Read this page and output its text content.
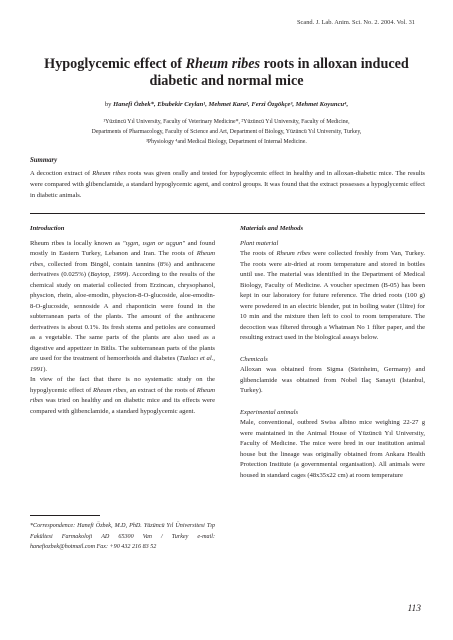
Scand. J. Lab. Anim. Sci. No. 2. 2004. Vol. 31
Hypoglycemic effect of Rheum ribes roots in alloxan induced
diabetic and normal mice
by Hanefi Özbek*, Ebubekir Ceylan¹, Mehmet Kara², Ferzi Özgökçe³, Mehmet Koyuncu⁴,
¹Yüzüncü Yıl University, Faculty of Veterinary Medicine*, ²Yüzüncü Yıl University, Faculty of Medicine,
Departments of Pharmacology, Faculty of Science and Art, Department of Biology, Yüzüncü Yıl University, Turkey,
³Physiology ⁴and Medical Biology, Department of Internal Medicine.
Summary
A decoction extract of Rheum ribes roots was given orally and tested for hypoglycemic effect in healthy and in alloxan-diabetic mice. The results were compared with glibenclamide, a standard hypoglycemic agent, and control groups. It was found that the extract possesses a hypoglycemic effect in diabetic animals.
Introduction

Rheum ribes is locally known as "ışgın, ısgın or uçgun" and found mostly in Eastern Turkey, Lebanon and Iran. The roots of Rheum ribes, collected from Bingöl, contain tannins (8%) and anthracene derivatives (0.025%) (Baytop, 1999). According to the results of the chemical study on material collected from Erzincan, chrysophanol, physcion, rhein, aloe-emodin, physcion-8-O-glucoside, aloe-emodin-8-O-glucoside, sennoside A and rhaponticin were found in the subterranean parts of the plants. The amount of the anthracene derivatives is about 0.1%. Its fresh stems and petioles are consumed as a vegetable. The same parts of the plants are also used as a digestive and appetizer in Bitlis. The subterranean parts of the plants are used for the treatment of hemorrhoids and diabetes (Tuzlacı et al., 1991).

In view of the fact that there is no systematic study on the hypoglycemic effect of Rheum ribes, an extract of the roots of Rheum ribes was tried on healthy and on diabetic mice and its effects were compared with glibenclamide, a standard hypoglycemic agent.

*Correspondence: Hanefi Özbek, M.D, PhD. Yüzüncü Yıl Üniversitesi Tıp Fakültesi Farmakoloji AD 65300 Van / Turkey e-mail: hanefiozbek@hotmail.com Fax: +90 432 216 83 52
Materials and Methods
Plant material

The roots of Rheum ribes were collected freshly from Van, Turkey. The roots were air-dried at room temperature and stored in bottles until use. The material was identified in the Department of Medical Biology, Faculty of Medicine. A voucher specimen (B-05) has been kept in our laboratory for future reference. The dried roots (100 g) were powdered in an electric blender, put in boiling water (1litre) for 10 min and the mixture then left to cool to room temperature. The decoction was filtered through a Whatman No 1 filter paper, and the resulting extract used in the biological assays below.

Chemicals

Alloxan was obtained from Sigma (Steinheim, Germany) and glibenclamide was obtained from Nobel Ilaç Sanayii (İstanbul, Turkey).

Experimental animals

Male, conventional, outbred Swiss albino mice weighing 22-27 g were maintained in the Animal House of Yüzüncü Yıl University, Faculty of Medicine. The mice were bred in our institution animal house but the lineage was originally obtained from Ankara Health Protection Institute (a governmental organisation). All animals were housed in standard cages (48x35x22 cm) at room temperature

113
